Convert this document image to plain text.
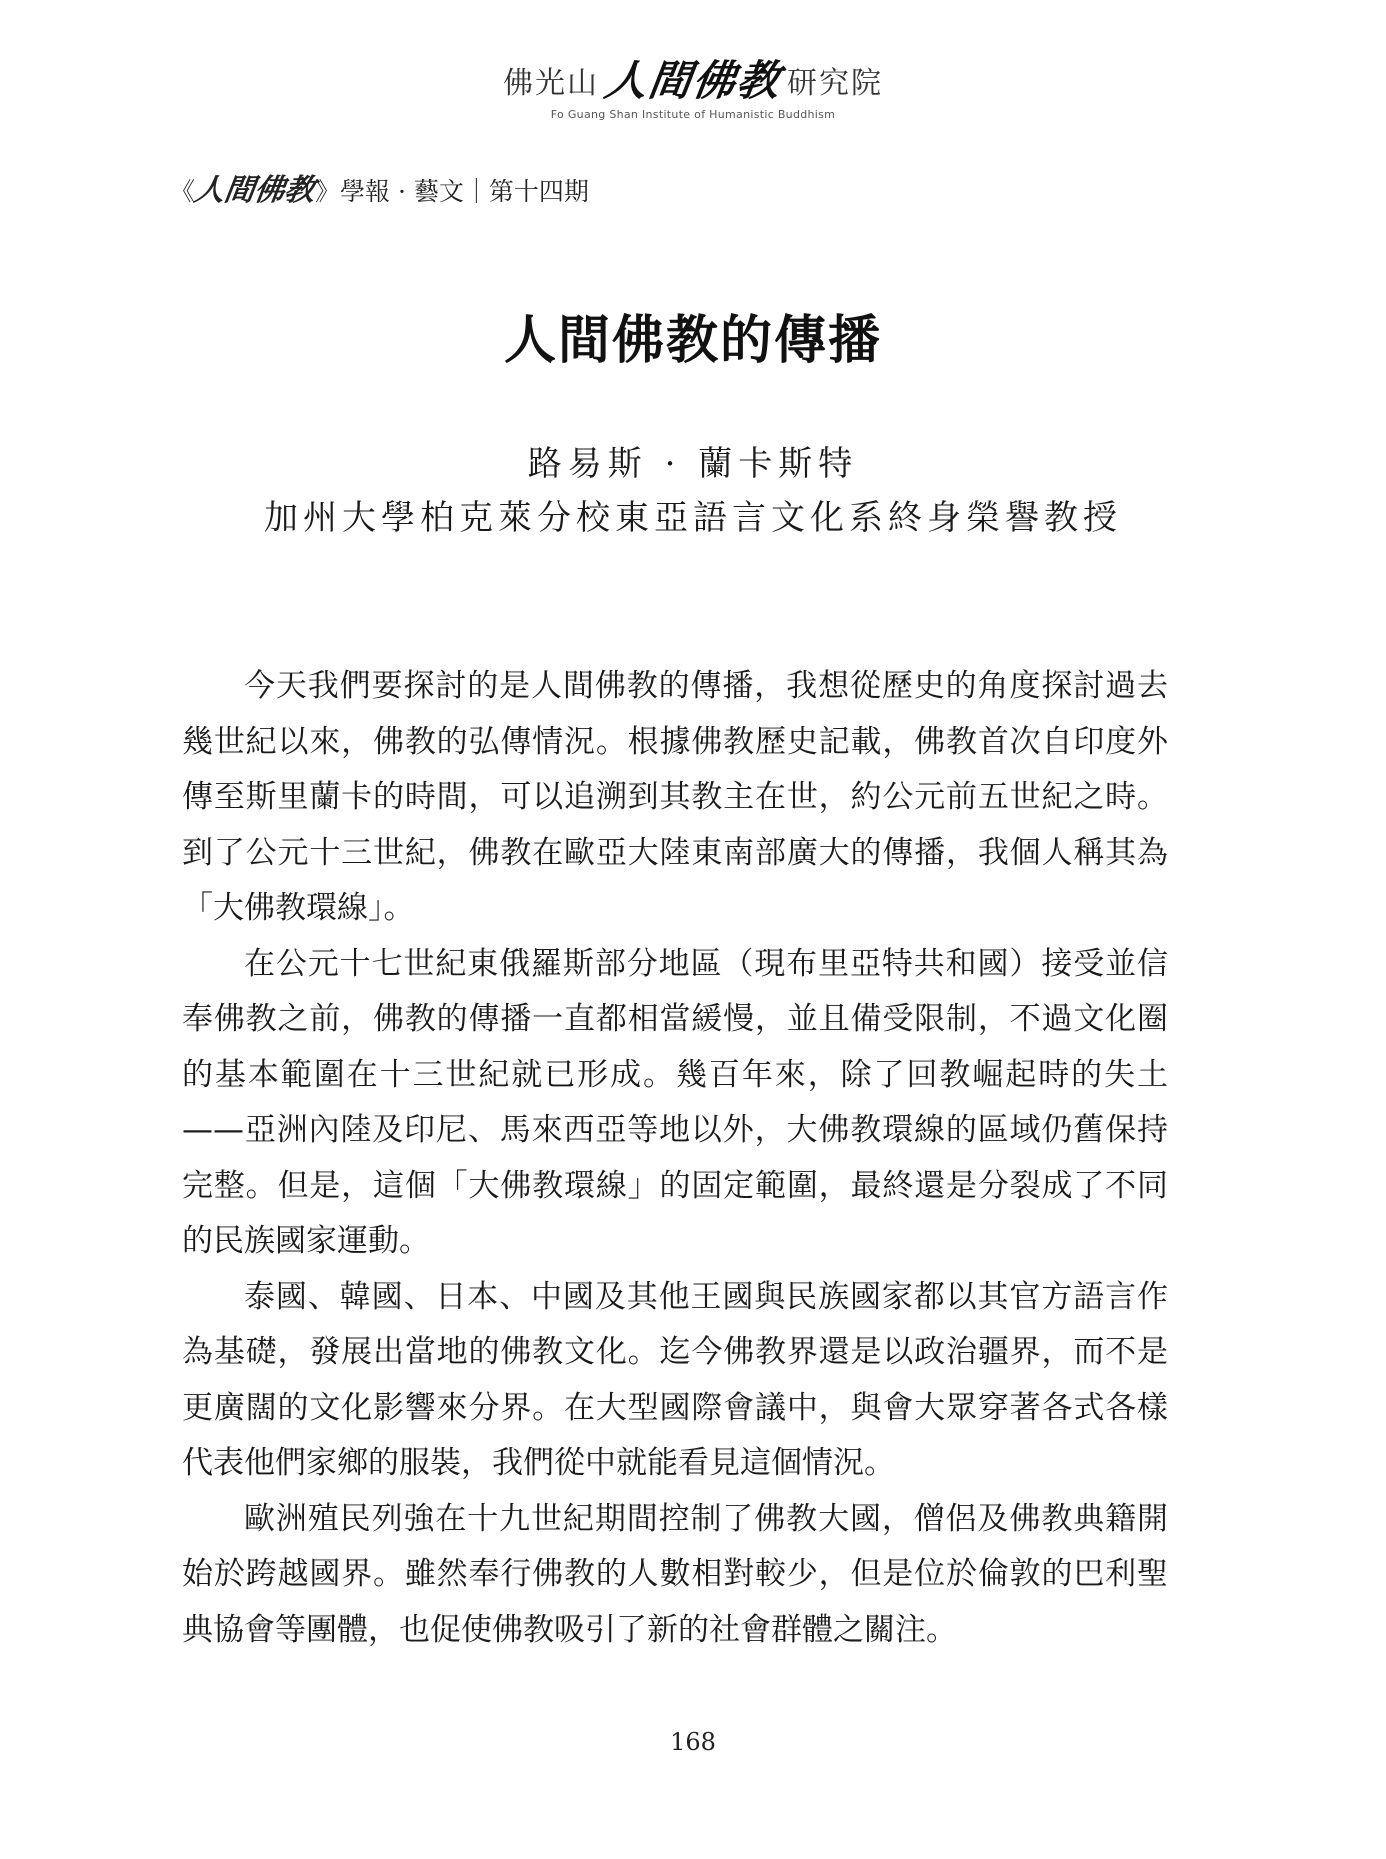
佛光山 人間佛教 研究院
Fo Guang Shan Institute of Humanistic Buddhism
《
人間佛教
》 學報 · 藝文｜第十四期
人間佛教的傳播
路易斯 · 蘭卡斯特
加州大學柏克萊分校東亞語言文化系終身榮譽教授

今天我們要探討的是人間佛教的傳播，我想從歷史的角度探討過去幾世紀以來，佛教的弘傳情況。根據佛教歷史記載，佛教首次自印度外傳至斯里蘭卡的時間，可以追溯到其教主在世，約公元前五世紀之時。到了公元十三世紀，佛教在歐亞大陸東南部廣大的傳播，我個人稱其為「大佛教環線」。

在公元十七世紀東俄羅斯部分地區（現布里亞特共和國）接受並信奉佛教之前，佛教的傳播一直都相當緩慢，並且備受限制，不過文化圈的基本範圍在十三世紀就已形成。幾百年來，除了回教崛起時的失土——亞洲內陸及印尼、馬來西亞等地以外，大佛教環線的區域仍舊保持完整。但是，這個「大佛教環線」的固定範圍，最終還是分裂成了不同的民族國家運動。

泰國、韓國、日本、中國及其他王國與民族國家都以其官方語言作為基礎，發展出當地的佛教文化。迄今佛教界還是以政治疆界，而不是更廣闊的文化影響來分界。在大型國際會議中，與會大眾穿著各式各樣代表他們家鄉的服裝，我們從中就能看見這個情況。

歐洲殖民列強在十九世紀期間控制了佛教大國，僧侶及佛教典籍開始於跨越國界。雖然奉行佛教的人數相對較少，但是位於倫敦的巴利聖典協會等團體，也促使佛教吸引了新的社會群體之關注。

168
